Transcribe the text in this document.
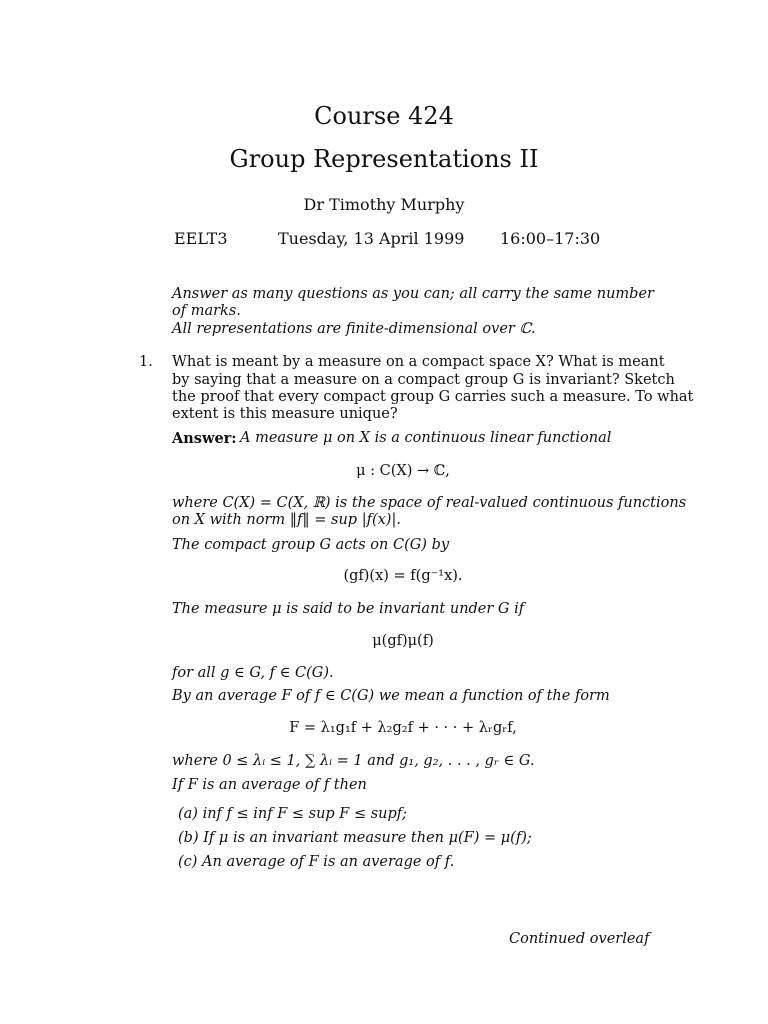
Course 424
Group Representations II
Dr Timothy Murphy
EELT3	Tuesday, 13 April 1999 16:00–17:30
Answer as many questions as you can; all carry the same number
of marks.
All representations are finite-dimensional over ℂ.
1. What is meant by a measure on a compact space X? What is meant
by saying that a measure on a compact group G is invariant? Sketch
the proof that every compact group G carries such a measure. To what
extent is this measure unique?
Answer: A measure μ on X is a continuous linear functional
μ : C(X) → ℂ,
where C(X) = C(X, ℝ) is the space of real-valued continuous functions
on X with norm ‖f‖ = sup |f(x)|.
The compact group G acts on C(G) by
(gf)(x) = f(g⁻¹x).
The measure μ is said to be invariant under G if
μ(gf)μ(f)
for all g ∈ G, f ∈ C(G).
By an average F of f ∈ C(G) we mean a function of the form
F = λ₁g₁f + λ₂g₂f + · · · + λᵣgᵣf,
where 0 ≤ λᵢ ≤ 1, ∑ λᵢ = 1 and g₁, g₂, . . . , gᵣ ∈ G.
If F is an average of f then
(a) inf f ≤ inf F ≤ sup F ≤ supf;
(b) If μ is an invariant measure then μ(F) = μ(f);
(c) An average of F is an average of f.
Continued overleaf
